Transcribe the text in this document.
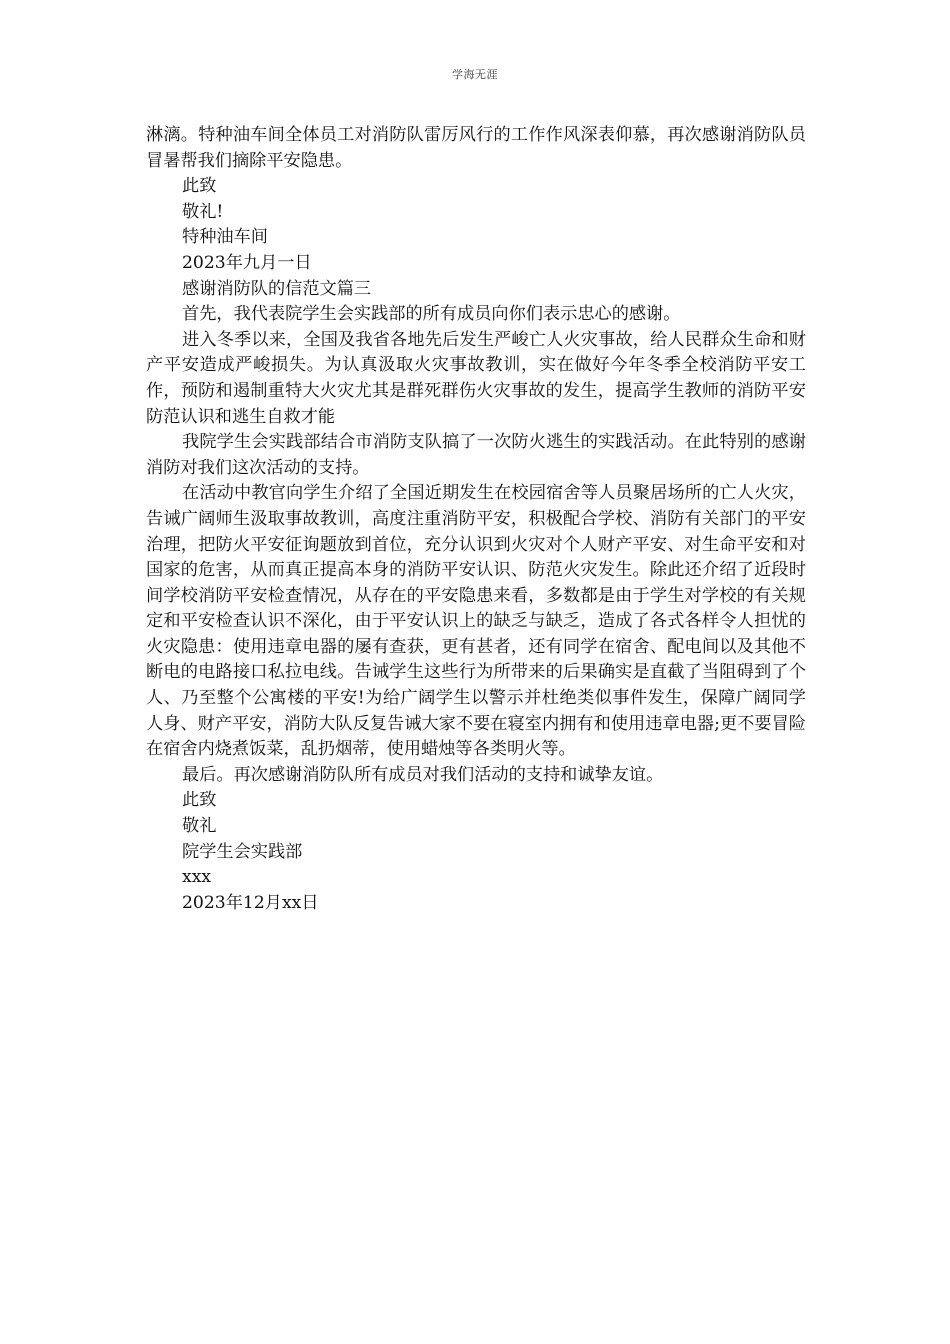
学海无涯

淋漓。特种油车间全体员工对消防队雷厉风行的工作作风深表仰慕，再次感谢消防队员冒暑帮我们摘除平安隐患。

此致

敬礼!

特种油车间

2023年九月一日

感谢消防队的信范文篇三

首先，我代表院学生会实践部的所有成员向你们表示忠心的感谢。

进入冬季以来，全国及我省各地先后发生严峻亡人火灾事故，给人民群众生命和财产平安造成严峻损失。为认真汲取火灾事故教训，实在做好今年冬季全校消防平安工作，预防和遏制重特大火灾尤其是群死群伤火灾事故的发生，提高学生教师的消防平安防范认识和逃生自救才能

我院学生会实践部结合市消防支队搞了一次防火逃生的实践活动。在此特别的感谢消防对我们这次活动的支持。

在活动中教官向学生介绍了全国近期发生在校园宿舍等人员聚居场所的亡人火灾，告诫广阔师生汲取事故教训，高度注重消防平安，积极配合学校、消防有关部门的平安治理，把防火平安征询题放到首位，充分认识到火灾对个人财产平安、对生命平安和对国家的危害，从而真正提高本身的消防平安认识、防范火灾发生。除此还介绍了近段时间学校消防平安检查情况，从存在的平安隐患来看，多数都是由于学生对学校的有关规定和平安检查认识不深化，由于平安认识上的缺乏与缺乏，造成了各式各样令人担忧的火灾隐患：使用违章电器的屡有查获，更有甚者，还有同学在宿舍、配电间以及其他不断电的电路接口私拉电线。告诫学生这些行为所带来的后果确实是直截了当阻碍到了个人、乃至整个公寓楼的平安!为给广阔学生以警示并杜绝类似事件发生，保障广阔同学人身、财产平安，消防大队反复告诫大家不要在寝室内拥有和使用违章电器;更不要冒险在宿舍内烧煮饭菜，乱扔烟蒂，使用蜡烛等各类明火等。

最后。再次感谢消防队所有成员对我们活动的支持和诚挚友谊。

此致

敬礼

院学生会实践部

xxx

2023年12月xx日
